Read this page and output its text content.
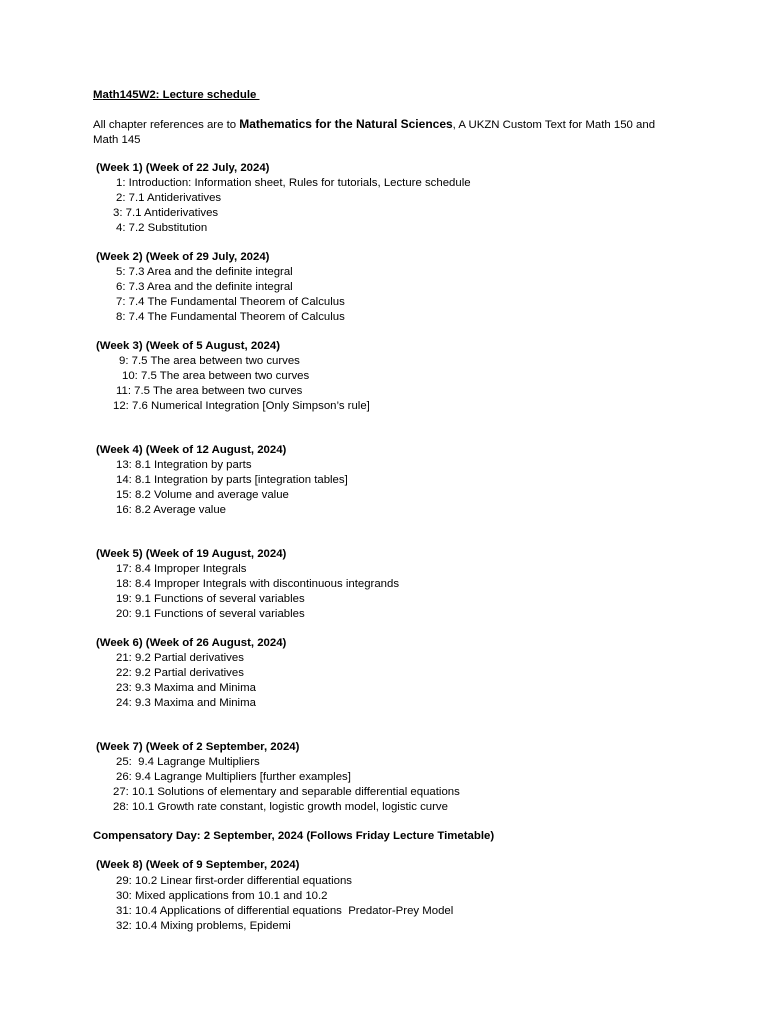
Math145W2: Lecture schedule
All chapter references are to Mathematics for the Natural Sciences, A UKZN Custom Text for Math 150 and Math 145
(Week 1) (Week of 22 July, 2024)
1: Introduction: Information sheet, Rules for tutorials, Lecture schedule
2: 7.1 Antiderivatives
3: 7.1 Antiderivatives
4: 7.2 Substitution
(Week 2) (Week of 29 July, 2024)
5: 7.3 Area and the definite integral
6: 7.3 Area and the definite integral
7: 7.4 The Fundamental Theorem of Calculus
8: 7.4 The Fundamental Theorem of Calculus
(Week 3) (Week of 5 August, 2024)
9: 7.5 The area between two curves
10: 7.5 The area between two curves
11: 7.5 The area between two curves
12: 7.6 Numerical Integration [Only Simpson’s rule]
(Week 4) (Week of 12 August, 2024)
13: 8.1 Integration by parts
14: 8.1 Integration by parts [integration tables]
15: 8.2 Volume and average value
16: 8.2 Average value
(Week 5) (Week of 19 August, 2024)
17: 8.4 Improper Integrals
18: 8.4 Improper Integrals with discontinuous integrands
19: 9.1 Functions of several variables
20: 9.1 Functions of several variables
(Week 6) (Week of 26 August, 2024)
21: 9.2 Partial derivatives
22: 9.2 Partial derivatives
23: 9.3 Maxima and Minima
24: 9.3 Maxima and Minima
(Week 7) (Week of 2 September, 2024)
25:  9.4 Lagrange Multipliers
26: 9.4 Lagrange Multipliers [further examples]
27: 10.1 Solutions of elementary and separable differential equations
28: 10.1 Growth rate constant, logistic growth model, logistic curve
Compensatory Day: 2 September, 2024 (Follows Friday Lecture Timetable)
(Week 8) (Week of 9 September, 2024)
29: 10.2 Linear first-order differential equations
30: Mixed applications from 10.1 and 10.2
31: 10.4 Applications of differential equations  Predator-Prey Model
32: 10.4 Mixing problems, Epidemi
